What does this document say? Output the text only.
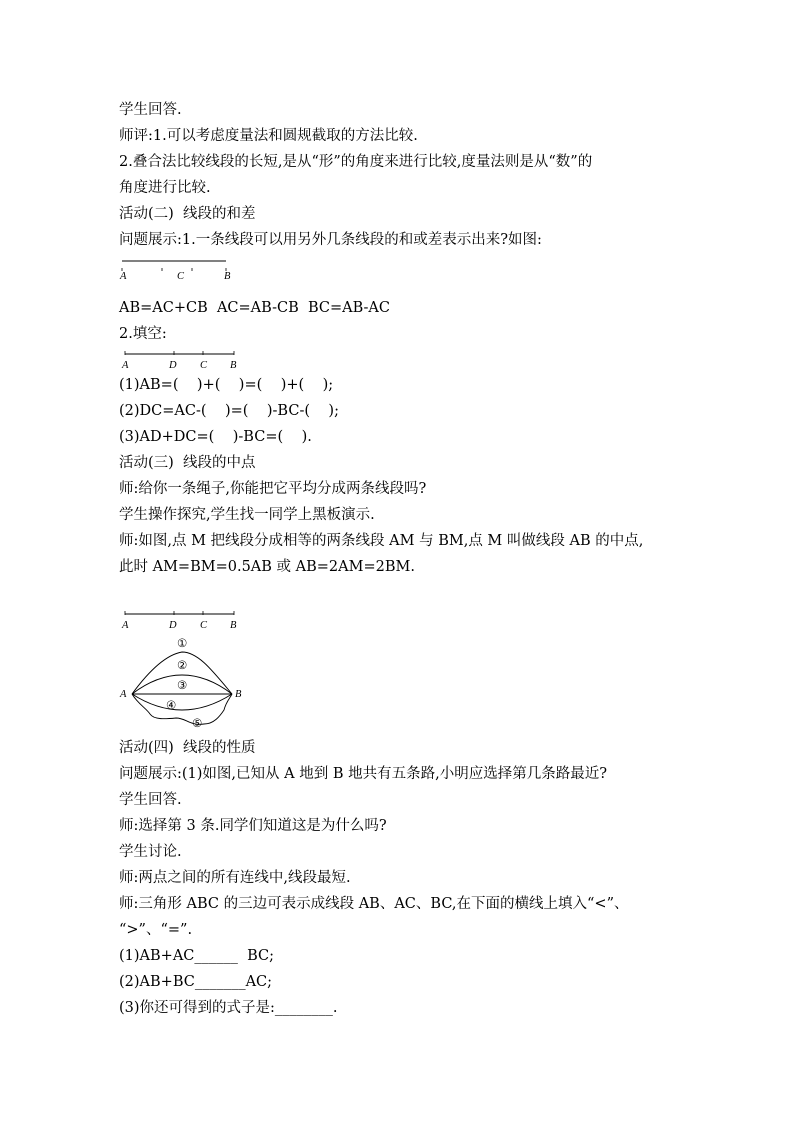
学生回答.
师评:1.可以考虑度量法和圆规截取的方法比较.
2.叠合法比较线段的长短,是从“形”的角度来进行比较,度量法则是从“数”的
角度进行比较.
活动(二)  线段的和差
问题展示:1.一条线段可以用另外几条线段的和或差表示出来?如图:
A	C	B
AB=AC+CB  AC=AB-CB  BC=AB-AC
2.填空:
A	D C B
(1)AB=(    )+(    )=(    )+(    );
(2)DC=AC-(    )=(    )-BC-(    );
(3)AD+DC=(    )-BC=(    ).
活动(三)  线段的中点
师:给你一条绳子,你能把它平均分成两条线段吗?
学生操作探究,学生找一同学上黑板演示.
师:如图,点 M 把线段分成相等的两条线段 AM 与 BM,点 M 叫做线段 AB 的中点,
此时 AM=BM=0.5AB 或 AB=2AM=2BM.
A	D C B
A	B
①
②
③
④
⑤
活动(四)  线段的性质
问题展示:(1)如图,已知从 A 地到 B 地共有五条路,小明应选择第几条路最近?
学生回答.
师:选择第 3 条.同学们知道这是为什么吗?
学生讨论.
师:两点之间的所有连线中,线段最短.
师:三角形 ABC 的三边可表示成线段 AB、AC、BC,在下面的横线上填入“<”、
“>”、“=”.
(1)AB+AC______  BC;
(2)AB+BC_______AC;
(3)你还可得到的式子是:________.
